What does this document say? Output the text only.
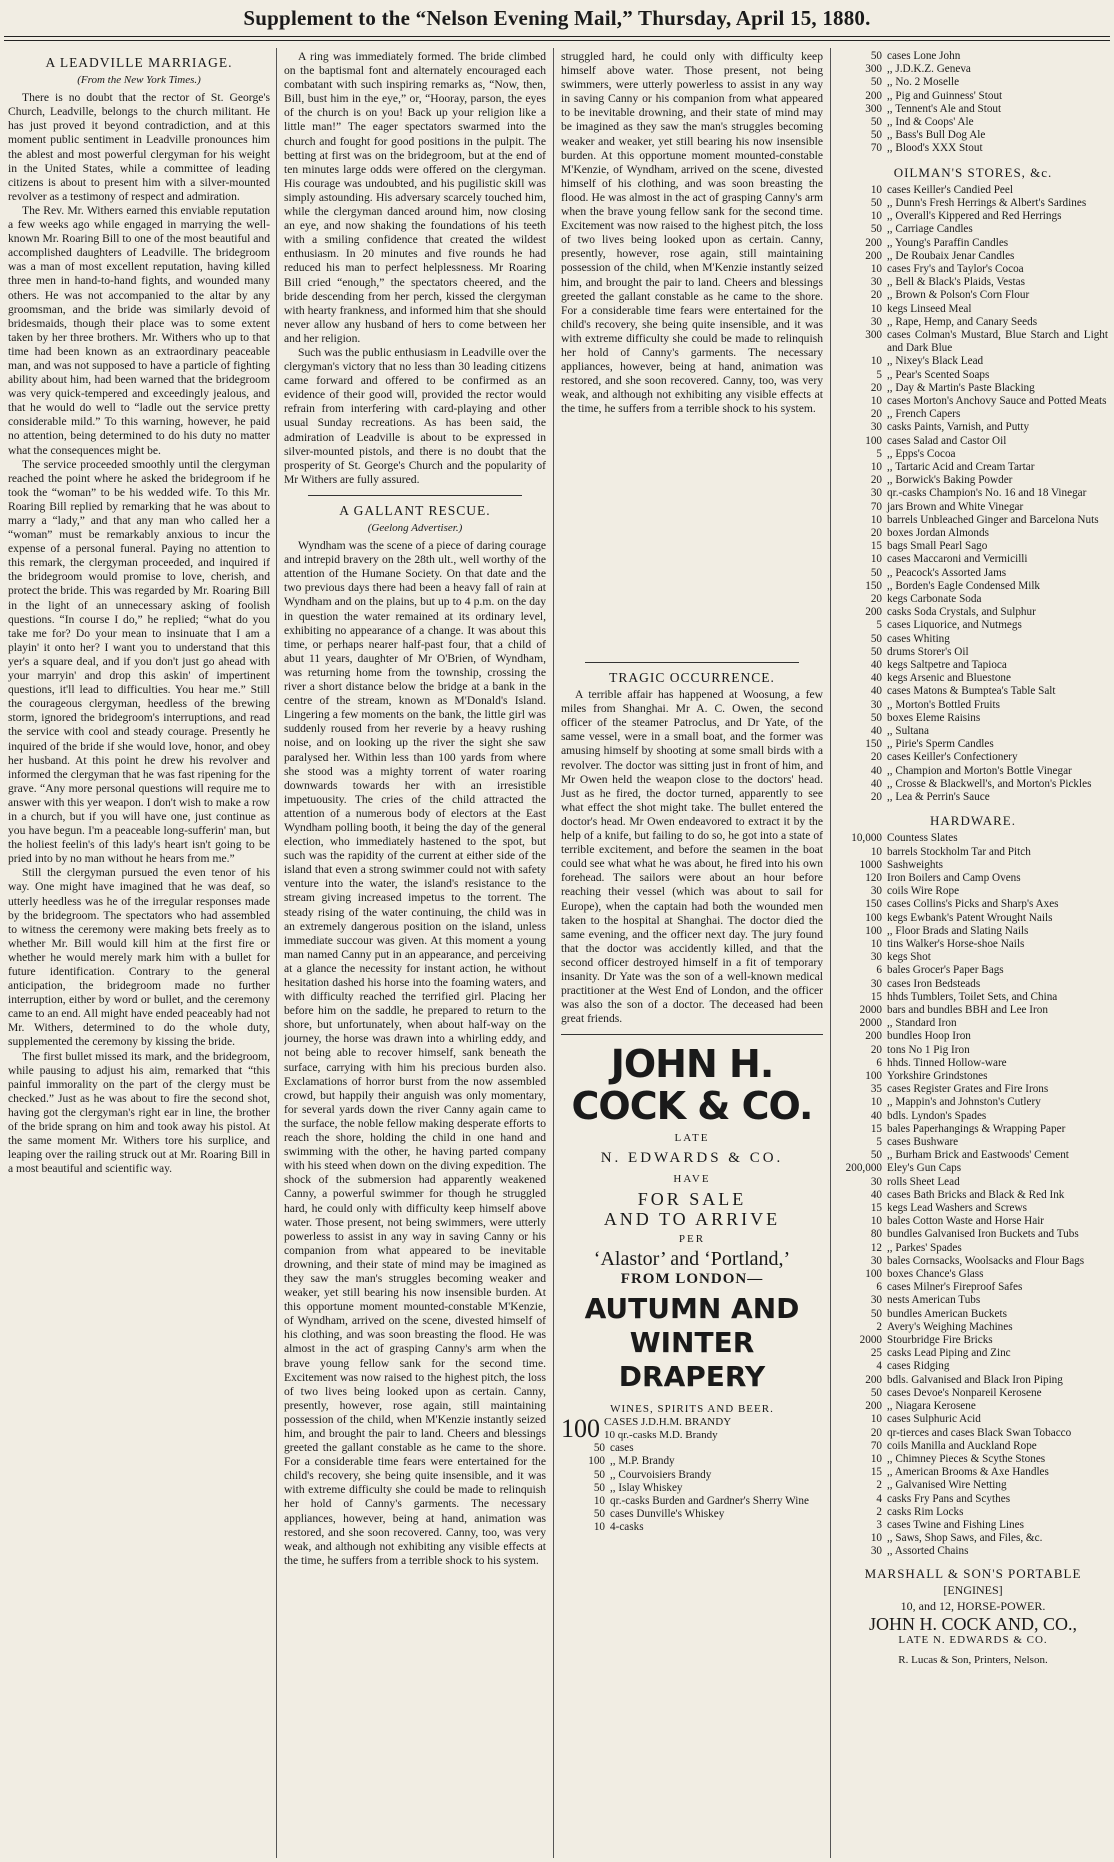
Supplement to the “Nelson Evening Mail,” Thursday, April 15, 1880.
A LEADVILLE MARRIAGE.
(From the New York Times.)

There is no doubt that the rector of St. George's Church, Leadville, belongs to the church militant. He has just proved it beyond contradiction, and at this moment public sentiment in Leadville pronounces him the ablest and most powerful clergyman for his weight in the United States, while a committee of leading citizens is about to present him with a silver-mounted revolver as a testimony of respect and admiration.

The Rev. Mr. Withers earned this enviable reputation a few weeks ago while engaged in marrying the well-known Mr. Roaring Bill to one of the most beautiful and accomplished daughters of Leadville. The bridegroom was a man of most excellent reputation, having killed three men in hand-to-hand fights, and wounded many others. He was not accompanied to the altar by any groomsman, and the bride was similarly devoid of bridesmaids, though their place was to some extent taken by her three brothers. Mr. Withers who up to that time had been known as an extraordinary peaceable man, and was not supposed to have a particle of fighting ability about him, had been warned that the bridegroom was very quick-tempered and exceedingly jealous, and that he would do well to “ladle out the service pretty considerable mild.” To this warning, however, he paid no attention, being determined to do his duty no matter what the consequences might be.

The service proceeded smoothly until the clergyman reached the point where he asked the bridegroom if he took the “woman” to be his wedded wife. To this Mr. Roaring Bill replied by remarking that he was about to marry a “lady,” and that any man who called her a “woman” must be remarkably anxious to incur the expense of a personal funeral. Paying no attention to this remark, the clergyman proceeded, and inquired if the bridegroom would promise to love, cherish, and protect the bride. This was regarded by Mr. Roaring Bill in the light of an unnecessary asking of foolish questions. “In course I do,” he replied; “what do you take me for? Do your mean to insinuate that I am a playin' it onto her? I want you to understand that this yer's a square deal, and if you don't just go ahead with your marryin' and drop this askin' of impertinent questions, it'll lead to difficulties. You hear me.” Still the courageous clergyman, heedless of the brewing storm, ignored the bridegroom's interruptions, and read the service with cool and steady courage. Presently he inquired of the bride if she would love, honor, and obey her husband. At this point he drew his revolver and informed the clergyman that he was fast ripening for the grave. “Any more personal questions will require me to answer with this yer weapon. I don't wish to make a row in a church, but if you will have one, just continue as you have begun. I'm a peaceable long-sufferin' man, but the holiest feelin's of this lady's heart isn't going to be pried into by no man without he hears from me.”

Still the clergyman pursued the even tenor of his way. One might have imagined that he was deaf, so utterly heedless was he of the irregular responses made by the bridegroom. The spectators who had assembled to witness the ceremony were making bets freely as to whether Mr. Bill would kill him at the first fire or whether he would merely mark him with a bullet for future identification. Contrary to the general anticipation, the bridegroom made no further interruption, either by word or bullet, and the ceremony came to an end. All might have ended peaceably had not Mr. Withers, determined to do the whole duty, supplemented the ceremony by kissing the bride.

The first bullet missed its mark, and the bridegroom, while pausing to adjust his aim, remarked that “this painful immorality on the part of the clergy must be checked.” Just as he was about to fire the second shot, having got the clergyman's right ear in line, the brother of the bride sprang on him and took away his pistol. At the same moment Mr. Withers tore his surplice, and leaping over the railing struck out at Mr. Roaring Bill in a most beautiful and scientific way.

A ring was immediately formed. The bride climbed on the baptismal font and alternately encouraged each combatant with such inspiring remarks as, “Now, then, Bill, bust him in the eye,” or, “Hooray, parson, the eyes of the church is on you! Back up your religion like a little man!” The eager spectators swarmed into the church and fought for good positions in the pulpit. The betting at first was on the bridegroom, but at the end of ten minutes large odds were offered on the clergyman. His courage was undoubted, and his pugilistic skill was simply astounding. His adversary scarcely touched him, while the clergyman danced around him, now closing an eye, and now shaking the foundations of his teeth with a smiling confidence that created the wildest enthusiasm. In 20 minutes and five rounds he had reduced his man to perfect helplessness. Mr Roaring Bill cried “enough,” the spectators cheered, and the bride descending from her perch, kissed the clergyman with hearty frankness, and informed him that she should never allow any husband of hers to come between her and her religion.

Such was the public enthusiasm in Leadville over the clergyman's victory that no less than 30 leading citizens came forward and offered to be confirmed as an evidence of their good will, provided the rector would refrain from interfering with card-playing and other usual Sunday recreations. As has been said, the admiration of Leadville is about to be expressed in silver-mounted pistols, and there is no doubt that the prosperity of St. George's Church and the popularity of Mr Withers are fully assured.

A GALLANT RESCUE.
(Geelong Advertiser.)

Wyndham was the scene of a piece of daring courage and intrepid bravery on the 28th ult., well worthy of the attention of the Humane Society. On that date and the two previous days there had been a heavy fall of rain at Wyndham and on the plains, but up to 4 p.m. on the day in question the water remained at its ordinary level, exhibiting no appearance of a change. It was about this time, or perhaps nearer half-past four, that a child of abut 11 years, daughter of Mr O'Brien, of Wyndham, was returning home from the township, crossing the river a short distance below the bridge at a bank in the centre of the stream, known as M'Donald's Island. Lingering a few moments on the bank, the little girl was suddenly roused from her reverie by a heavy rushing noise, and on looking up the river the sight she saw paralysed her. Within less than 100 yards from where she stood was a mighty torrent of water roaring downwards towards her with an irresistible impetuousity. The cries of the child attracted the attention of a numerous body of electors at the East Wyndham polling booth, it being the day of the general election, who immediately hastened to the spot, but such was the rapidity of the current at either side of the island that even a strong swimmer could not with safety venture into the water, the island's resistance to the stream giving increased impetus to the torrent. The steady rising of the water continuing, the child was in an extremely dangerous position on the island, unless immediate succour was given. At this moment a young man named Canny put in an appearance, and perceiving at a glance the necessity for instant action, he without hesitation dashed his horse into the foaming waters, and with difficulty reached the terrified girl. Placing her before him on the saddle, he prepared to return to the shore, but unfortunately, when about half-way on the journey, the horse was drawn into a whirling eddy, and not being able to recover himself, sank beneath the surface, carrying with him his precious burden also. Exclamations of horror burst from the now assembled crowd, but happily their anguish was only momentary, for several yards down the river Canny again came to the surface, the noble fellow making desperate efforts to reach the shore, holding the child in one hand and swimming with the other, he having parted company with his steed when down on the diving expedition. The shock of the submersion had apparently weakened Canny, a powerful swimmer for though he struggled hard, he could only with difficulty keep himself above water. Those present, not being swimmers, were utterly powerless to assist in any way in saving Canny or his companion from what appeared to be inevitable drowning, and their state of mind may be imagined as they saw the man's struggles becoming weaker and weaker, yet still bearing his now insensible burden. At this opportune moment mounted-constable M'Kenzie, of Wyndham, arrived on the scene, divested himself of his clothing, and was soon breasting the flood. He was almost in the act of grasping Canny's arm when the brave young fellow sank for the second time. Excitement was now raised to the highest pitch, the loss of two lives being looked upon as certain. Canny, presently, however, rose again, still maintaining possession of the child, when M'Kenzie instantly seized him, and brought the pair to land. Cheers and blessings greeted the gallant constable as he came to the shore. For a considerable time fears were entertained for the child's recovery, she being quite insensible, and it was with extreme difficulty she could be made to relinquish her hold of Canny's garments. The necessary appliances, however, being at hand, animation was restored, and she soon recovered. Canny, too, was very weak, and although not exhibiting any visible effects at the time, he suffers from a terrible shock to his system.

struggled hard, he could only with difficulty keep himself above water. Those present, not being swimmers, were utterly powerless to assist in any way in saving Canny or his companion from what appeared to be inevitable drowning, and their state of mind may be imagined as they saw the man's struggles becoming weaker and weaker, yet still bearing his now insensible burden. At this opportune moment mounted-constable M'Kenzie, of Wyndham, arrived on the scene, divested himself of his clothing, and was soon breasting the flood. He was almost in the act of grasping Canny's arm when the brave young fellow sank for the second time. Excitement was now raised to the highest pitch, the loss of two lives being looked upon as certain. Canny, presently, however, rose again, still maintaining possession of the child, when M'Kenzie instantly seized him, and brought the pair to land. Cheers and blessings greeted the gallant constable as he came to the shore. For a considerable time fears were entertained for the child's recovery, she being quite insensible, and it was with extreme difficulty she could be made to relinquish her hold of Canny's garments. The necessary appliances, however, being at hand, animation was restored, and she soon recovered. Canny, too, was very weak, and although not exhibiting any visible effects at the time, he suffers from a terrible shock to his system.

TRAGIC OCCURRENCE.

A terrible affair has happened at Woosung, a few miles from Shanghai. Mr A. C. Owen, the second officer of the steamer Patroclus, and Dr Yate, of the same vessel, were in a small boat, and the former was amusing himself by shooting at some small birds with a revolver. The doctor was sitting just in front of him, and Mr Owen held the weapon close to the doctors' head. Just as he fired, the doctor turned, apparently to see what effect the shot might take. The bullet entered the doctor's head. Mr Owen endeavored to extract it by the help of a knife, but failing to do so, he got into a state of terrible excitement, and before the seamen in the boat could see what what he was about, he fired into his own forehead. The sailors were about an hour before reaching their vessel (which was about to sail for Europe), when the captain had both the wounded men taken to the hospital at Shanghai. The doctor died the same evening, and the officer next day. The jury found that the doctor was accidently killed, and that the second officer destroyed himself in a fit of temporary insanity. Dr Yate was the son of a well-known medical practitioner at the West End of London, and the officer was also the son of a doctor. The deceased had been great friends.

JOHN H. COCK & CO.
LATE
N. EDWARDS & CO.
HAVE
FOR SALE
AND TO ARRIVE
PER
‘Alastor’ and ‘Portland,’
FROM LONDON—
AUTUMN AND
WINTER DRAPERY
WINES, SPIRITS AND BEER.
100 CASES J.D.H.M. BRANDY
10 qr.-casks M.D. Brandy
50 cases
100 ,, M.P. Brandy
50 ,, Courvoisiers Brandy
50 ,, Islay Whiskey
10 qr.-casks Burden and Gardner's Sherry Wine
50 cases Dunville's Whiskey
10 4-casks
50 cases Lone John
300 ,, J.D.K.Z. Geneva
50 ,, No. 2 Moselle
200 ,, Pig and Guinness' Stout
300 ,, Tennent's Ale and Stout
50 ,, Ind & Coops' Ale
50 ,, Bass's Bull Dog Ale
70 ,, Blood's XXX Stout
OILMAN'S STORES, &c.
10 cases Keiller's Candied Peel
50 ,, Dunn's Fresh Herrings & Albert's Sardines
10 ,, Overall's Kippered and Red Herrings
50 ,, Carriage Candles
200 ,, Young's Paraffin Candles
200 ,, De Roubaix Jenar Candles
10 cases Fry's and Taylor's Cocoa
30 ,, Bell & Black's Plaids, Vestas
20 ,, Brown & Polson's Corn Flour
10 kegs Linseed Meal
30 ,, Rape, Hemp, and Canary Seeds
300 cases Colman's Mustard, Blue Starch and Light and Dark Blue
10 ,, Nixey's Black Lead
5 ,, Pear's Scented Soaps
20 ,, Day & Martin's Paste Blacking
10 cases Morton's Anchovy Sauce and Potted Meats
20 ,, French Capers
30 casks Paints, Varnish, and Putty
100 cases Salad and Castor Oil
5 ,, Epps's Cocoa
10 ,, Tartaric Acid and Cream Tartar
20 ,, Borwick's Baking Powder
30 qr.-casks Champion's No. 16 and 18 Vinegar
70 jars Brown and White Vinegar
10 barrels Unbleached Ginger and Barcelona Nuts
20 boxes Jordan Almonds
15 bags Small Pearl Sago
10 cases Maccaroni and Vermicilli
50 ,, Peacock's Assorted Jams
150 ,, Borden's Eagle Condensed Milk
20 kegs Carbonate Soda
200 casks Soda Crystals, and Sulphur
5 cases Liquorice, and Nutmegs
50 cases Whiting
50 drums Storer's Oil
40 kegs Saltpetre and Tapioca
40 kegs Arsenic and Bluestone
40 cases Matons & Bumptea's Table Salt
30 ,, Morton's Bottled Fruits
50 boxes Eleme Raisins
40 ,, Sultana
150 ,, Pirie's Sperm Candles
20 cases Keiller's Confectionery
40 ,, Champion and Morton's Bottle Vinegar
40 ,, Crosse & Blackwell's, and Morton's Pickles
20 ,, Lea & Perrin's Sauce
HARDWARE.
10,000 Countess Slates
10 barrels Stockholm Tar and Pitch
1000 Sashweights
120 Iron Boilers and Camp Ovens
30 coils Wire Rope
150 cases Collins's Picks and Sharp's Axes
100 kegs Ewbank's Patent Wrought Nails
100 ,, Floor Brads and Slating Nails
10 tins Walker's Horse-shoe Nails
30 kegs Shot
6 bales Grocer's Paper Bags
30 cases Iron Bedsteads
15 hhds Tumblers, Toilet Sets, and China
2000 bars and bundles BBH and Lee Iron
2000 ,, Standard Iron
200 bundles Hoop Iron
20 tons No 1 Pig Iron
6 hhds. Tinned Hollow-ware
100 Yorkshire Grindstones
35 cases Register Grates and Fire Irons
10 ,, Mappin's and Johnston's Cutlery
40 bdls. Lyndon's Spades
15 bales Paperhangings & Wrapping Paper
5 cases Bushware
50 ,, Burham Brick and Eastwoods' Cement
200,000 Eley's Gun Caps
30 rolls Sheet Lead
40 cases Bath Bricks and Black & Red Ink
15 kegs Lead Washers and Screws
10 bales Cotton Waste and Horse Hair
80 bundles Galvanised Iron Buckets and Tubs
12 ,, Parkes' Spades
30 bales Cornsacks, Woolsacks and Flour Bags
100 boxes Chance's Glass
6 cases Milner's Fireproof Safes
30 nests American Tubs
50 bundles American Buckets
2 Avery's Weighing Machines
2000 Stourbridge Fire Bricks
25 casks Lead Piping and Zinc
4 cases Ridging
200 bdls. Galvanised and Black Iron Piping
50 cases Devoe's Nonpareil Kerosene
200 ,, Niagara Kerosene
10 cases Sulphuric Acid
20 qr-tierces and cases Black Swan Tobacco
70 coils Manilla and Auckland Rope
10 ,, Chimney Pieces & Scythe Stones
15 ,, American Brooms & Axe Handles
2 ,, Galvanised Wire Netting
4 casks Fry Pans and Scythes
2 casks Rim Locks
3 cases Twine and Fishing Lines
10 ,, Saws, Shop Saws, and Files, &c.
30 ,, Assorted Chains
MARSHALL & SON'S PORTABLE
[ENGINES]
10, and 12, HORSE-POWER.
JOHN H. COCK AND, CO.,
LATE N. EDWARDS & CO.
R. Lucas & Son, Printers, Nelson.
